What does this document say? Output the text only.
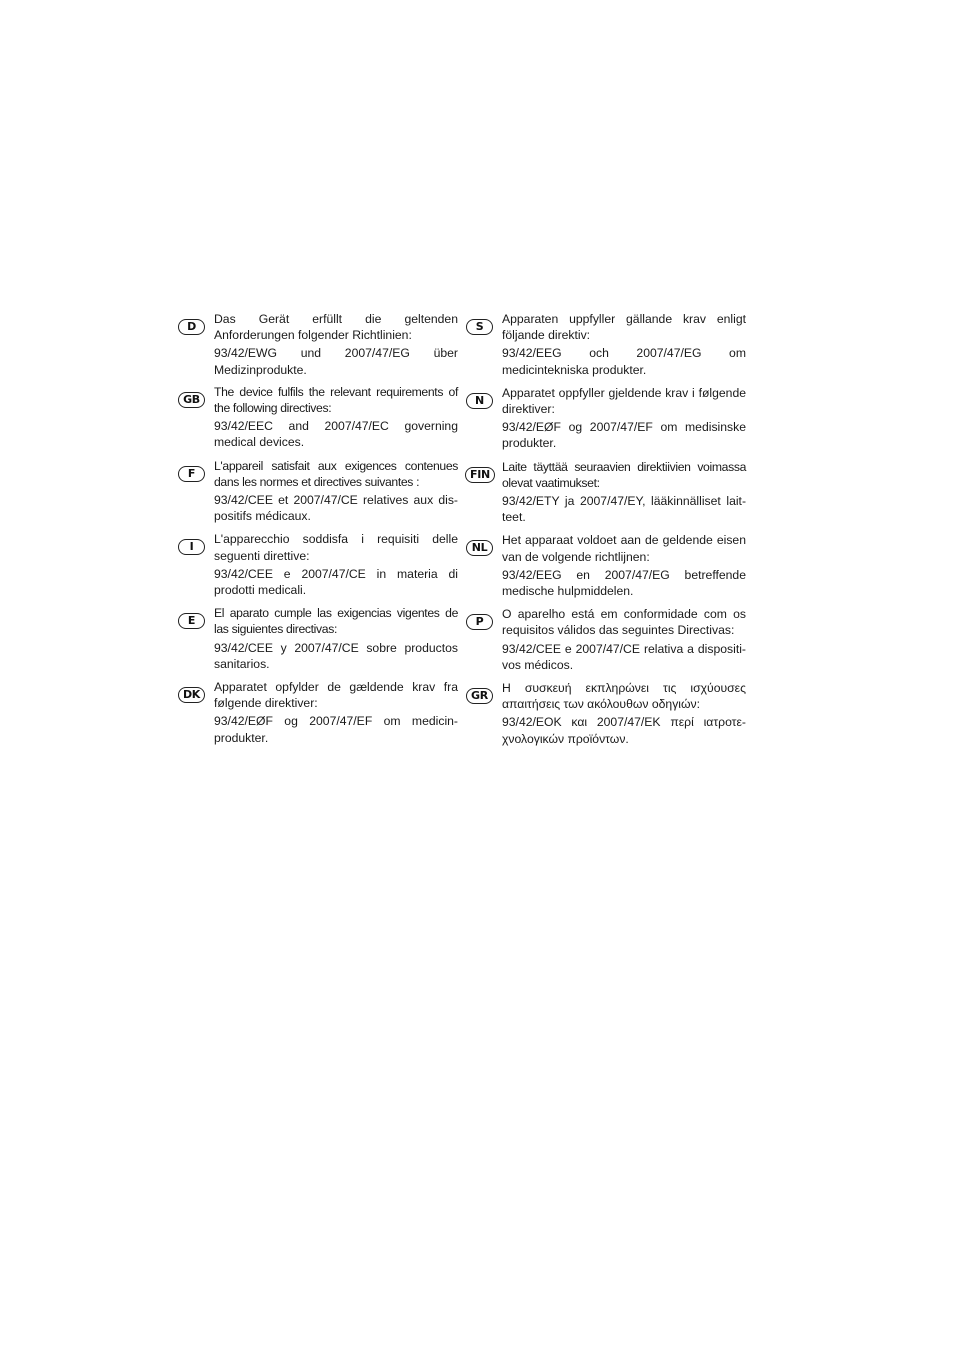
D

Das Gerät erfüllt die geltenden Anforderungen folgender Richtlinien:

93/42/EWG und 2007/47/EG über Medizinprodukte.

GB

The device fulfils the relevant requirements of the following directives:

93/42/EEC and 2007/47/EC governing medical devices.

F

L'appareil satisfait aux exigences contenues dans les normes et directives suivantes :

93/42/CEE et 2007/47/CE relatives aux dis-positifs médicaux.

I

L'apparecchio soddisfa i requisiti delle seguenti direttive:

93/42/CEE e 2007/47/CE in materia di prodotti medicali.

E

El aparato cumple las exigencias vigentes de las siguientes directivas:

93/42/CEE y 2007/47/CE sobre productos sanitarios.

DK

Apparatet opfylder de gældende krav fra følgende direktiver:

93/42/EØF og 2007/47/EF om medicin-produkter.

S

Apparaten uppfyller gällande krav enligt följande direktiv:

93/42/EEG och 2007/47/EG om medicintekniska produkter.

N

Apparatet oppfyller gjeldende krav i følgende direktiver:

93/42/EØF og 2007/47/EF om medisinske produkter.

FIN

Laite täyttää seuraavien direktiivien voimassa olevat vaatimukset:

93/42/ETY ja 2007/47/EY, lääkinnälliset lait-teet.

NL

Het apparaat voldoet aan de geldende eisen van de volgende richtlijnen:

93/42/EEG en 2007/47/EG betreffende medische hulpmiddelen.

P

O aparelho está em conformidade com os requisitos válidos das seguintes Directivas:

93/42/CEE e 2007/47/CE relativa a dispositi-vos médicos.

GR

Η συσκευή εκπληρώνει τις ισχύουσες απαιτήσεις των ακόλουθων οδηγιών:

93/42/ΕΟΚ και 2007/47/ΕΚ περί ιατροτε-χνολογικών προϊόντων.
